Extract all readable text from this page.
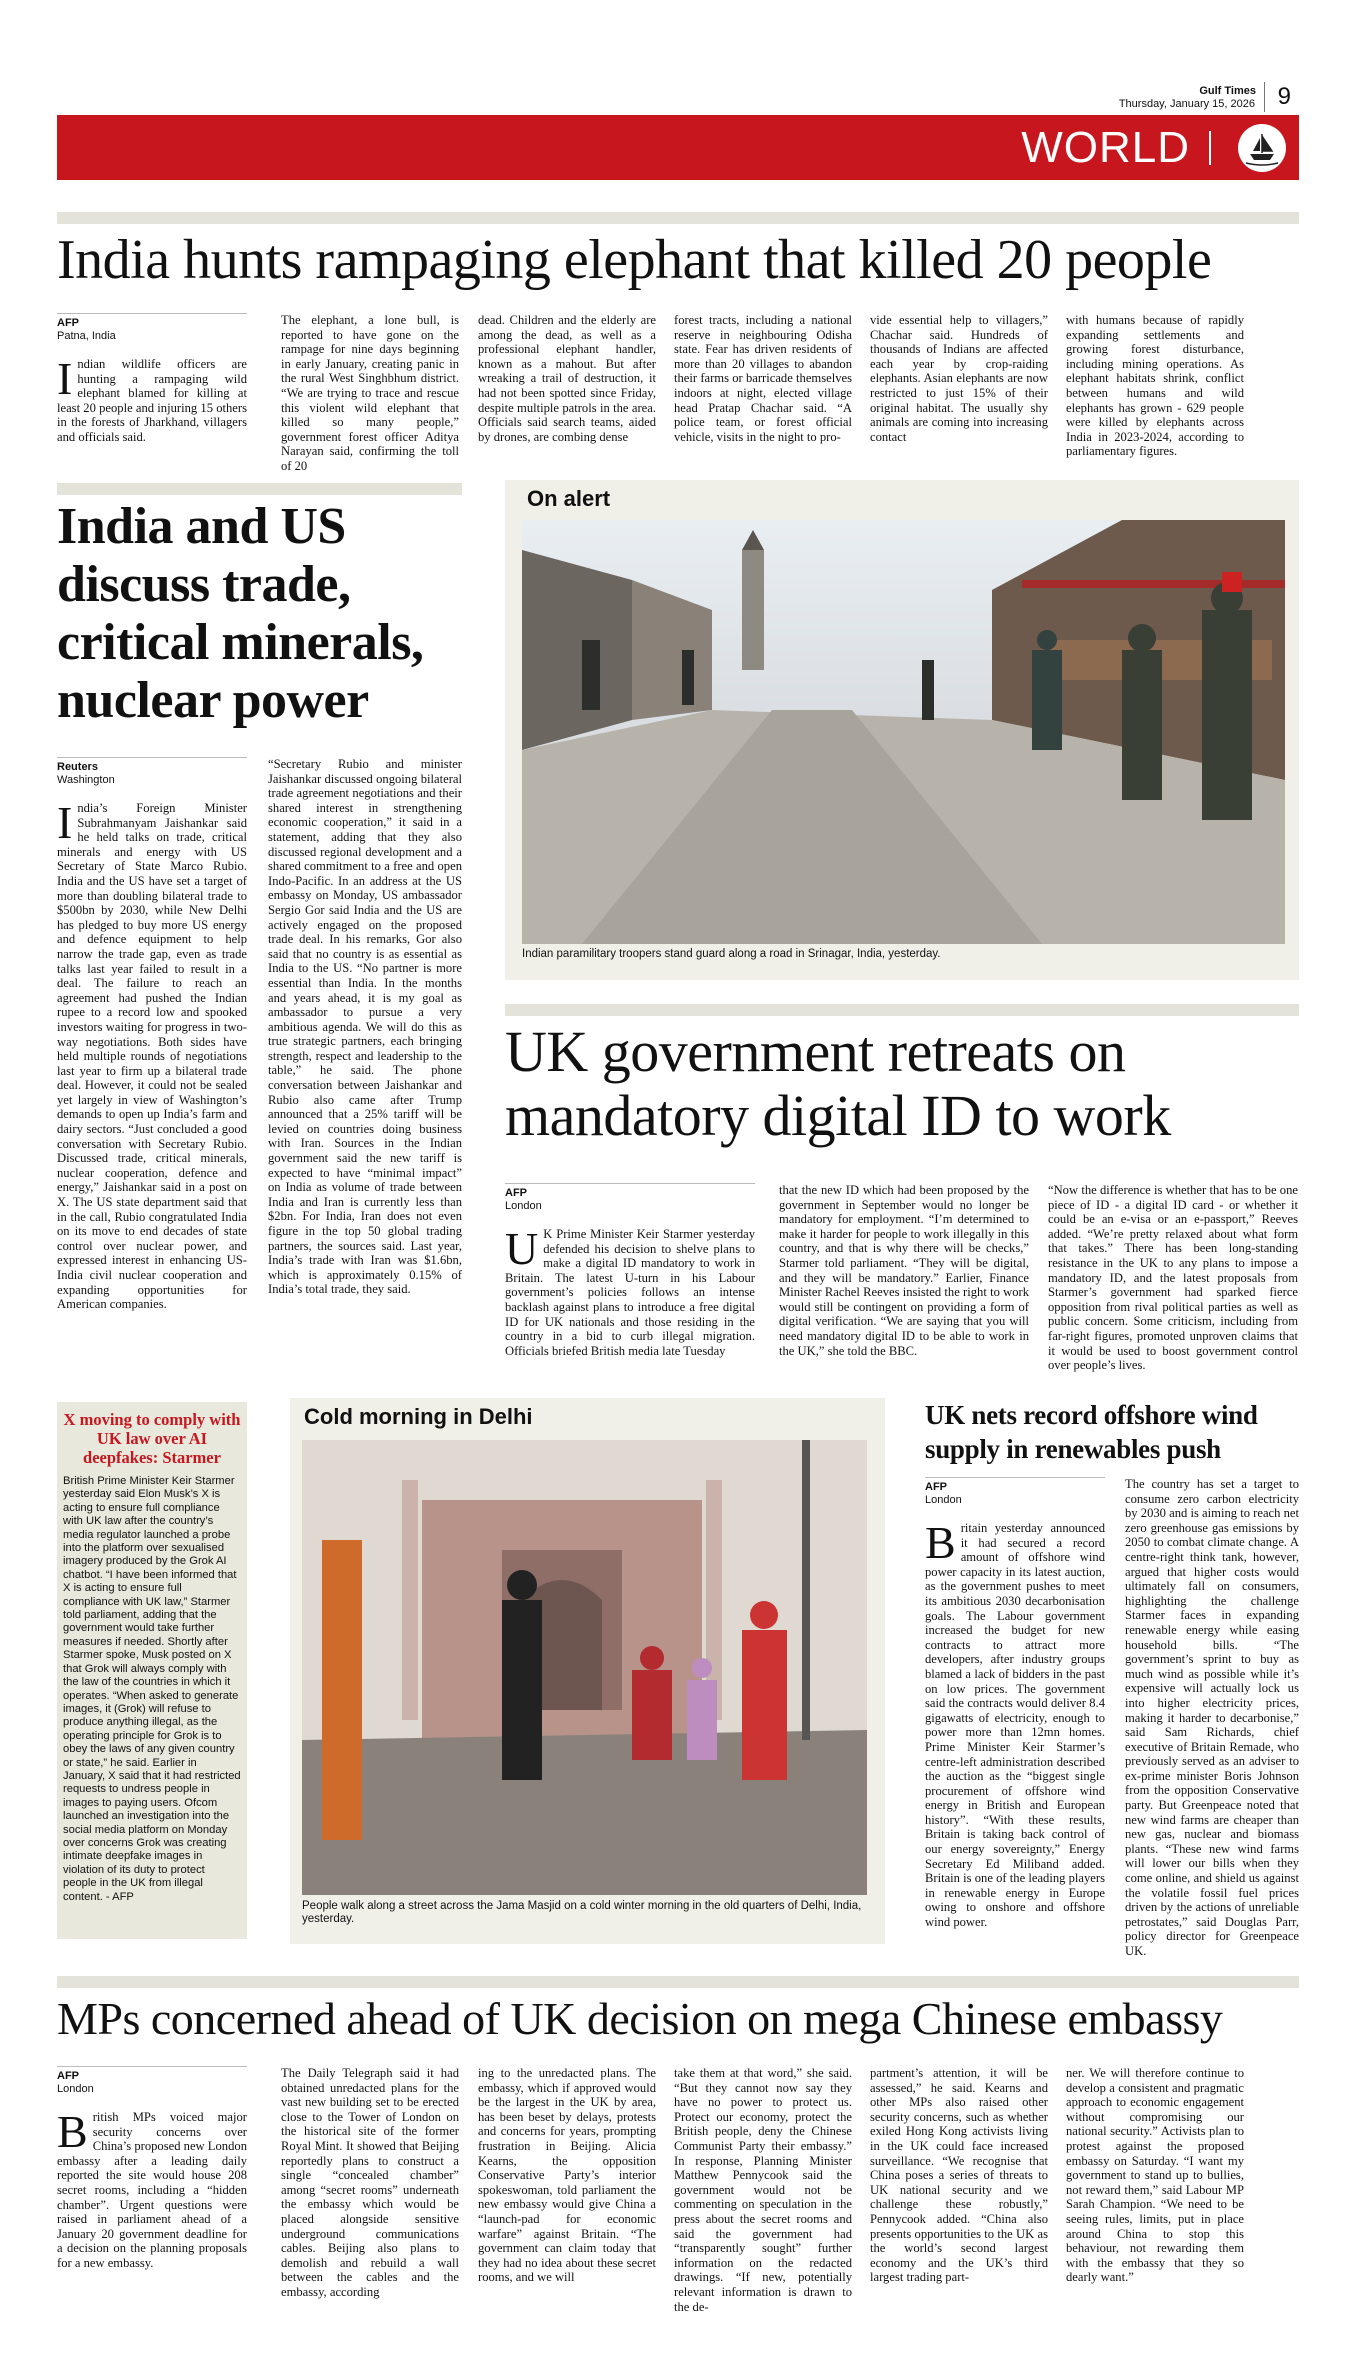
Gulf Times
Thursday, January 15, 2026 9
WORLD
India hunts rampaging elephant that killed 20 people
AFP
Patna, India

Indian wildlife officers are hunting a rampaging wild elephant blamed for killing at least 20 people and injuring 15 others in the forests of Jharkhand, villagers and officials said.

The elephant, a lone bull, is reported to have gone on the rampage for nine days beginning in early January, creating panic in the rural West Singhbhum district. “We are trying to trace and rescue this violent wild elephant that killed so many people,” government forest officer Aditya Narayan said, confirming the toll of 20

dead. Children and the elderly are among the dead, as well as a professional elephant handler, known as a mahout. But after wreaking a trail of destruction, it had not been spotted since Friday, despite multiple patrols in the area. Officials said search teams, aided by drones, are combing dense

forest tracts, including a national reserve in neighbouring Odisha state. Fear has driven residents of more than 20 villages to abandon their farms or barricade themselves indoors at night, elected village head Pratap Chachar said. “A police team, or forest official vehicle, visits in the night to pro-

vide essential help to villagers,” Chachar said. Hundreds of thousands of Indians are affected each year by crop-raiding elephants. Asian elephants are now restricted to just 15% of their original habitat. The usually shy animals are coming into increasing contact

with humans because of rapidly expanding settlements and growing forest disturbance, including mining operations. As elephant habitats shrink, conflict between humans and wild elephants has grown - 629 people were killed by elephants across India in 2023-2024, according to parliamentary figures.

India and US discuss trade, critical minerals, nuclear power
Reuters
Washington

India’s Foreign Minister Subrahmanyam Jaishankar said he held talks on trade, critical minerals and energy with US Secretary of State Marco Rubio. India and the US have set a target of more than doubling bilateral trade to $500bn by 2030, while New Delhi has pledged to buy more US energy and defence equipment to help narrow the trade gap, even as trade talks last year failed to result in a deal. The failure to reach an agreement had pushed the Indian rupee to a record low and spooked investors waiting for progress in two-way negotiations. Both sides have held multiple rounds of negotiations last year to firm up a bilateral trade deal. However, it could not be sealed yet largely in view of Washington’s demands to open up India’s farm and dairy sectors. “Just concluded a good conversation with Secretary Rubio. Discussed trade, critical minerals, nuclear cooperation, defence and energy,” Jaishankar said in a post on X. The US state department said that in the call, Rubio congratulated India on its move to end decades of state control over nuclear power, and expressed interest in enhancing US-India civil nuclear cooperation and expanding opportunities for American companies.

“Secretary Rubio and minister Jaishankar discussed ongoing bilateral trade agreement negotiations and their shared interest in strengthening economic cooperation,” it said in a statement, adding that they also discussed regional development and a shared commitment to a free and open Indo-Pacific. In an address at the US embassy on Monday, US ambassador Sergio Gor said India and the US are actively engaged on the proposed trade deal. In his remarks, Gor also said that no country is as essential as India to the US. “No partner is more essential than India. In the months and years ahead, it is my goal as ambassador to pursue a very ambitious agenda. We will do this as true strategic partners, each bringing strength, respect and leadership to the table,” he said. The phone conversation between Jaishankar and Rubio also came after Trump announced that a 25% tariff will be levied on countries doing business with Iran. Sources in the Indian government said the new tariff is expected to have “minimal impact” on India as volume of trade between India and Iran is currently less than $2bn. For India, Iran does not even figure in the top 50 global trading partners, the sources said. Last year, India’s trade with Iran was $1.6bn, which is approximately 0.15% of India’s total trade, they said.

On alert
Indian paramilitary troopers stand guard along a road in Srinagar, India, yesterday.
UK government retreats on mandatory digital ID to work
AFP
London

U K Prime Minister Keir Starmer yesterday defended his decision to shelve plans to make a digital ID mandatory to work in Britain. The latest U-turn in his Labour government’s policies follows an intense backlash against plans to introduce a free digital ID for UK nationals and those residing in the country in a bid to curb illegal migration. Officials briefed British media late Tuesday

that the new ID which had been proposed by the government in September would no longer be mandatory for employment. “I’m determined to make it harder for people to work illegally in this country, and that is why there will be checks,” Starmer told parliament. “They will be digital, and they will be mandatory.” Earlier, Finance Minister Rachel Reeves insisted the right to work would still be contingent on providing a form of digital verification. “We are saying that you will need mandatory digital ID to be able to work in the UK,” she told the BBC.

“Now the difference is whether that has to be one piece of ID - a digital ID card - or whether it could be an e-visa or an e-passport,” Reeves added. “We’re pretty relaxed about what form that takes.” There has been long-standing resistance in the UK to any plans to impose a mandatory ID, and the latest proposals from Starmer’s government had sparked fierce opposition from rival political parties as well as public concern. Some criticism, including from far-right figures, promoted unproven claims that it would be used to boost government control over people’s lives.

X moving to comply with UK law over AI deepfakes: Starmer

British Prime Minister Keir Starmer yesterday said Elon Musk’s X is acting to ensure full compliance with UK law after the country’s media regulator launched a probe into the platform over sexualised imagery produced by the Grok AI chatbot. “I have been informed that X is acting to ensure full compliance with UK law,” Starmer told parliament, adding that the government would take further measures if needed. Shortly after Starmer spoke, Musk posted on X that Grok will always comply with the law of the countries in which it operates. “When asked to generate images, it (Grok) will refuse to produce anything illegal, as the operating principle for Grok is to obey the laws of any given country or state,” he said. Earlier in January, X said that it had restricted requests to undress people in images to paying users. Ofcom launched an investigation into the social media platform on Monday over concerns Grok was creating intimate deepfake images in violation of its duty to protect people in the UK from illegal content. - AFP

Cold morning in Delhi
People walk along a street across the Jama Masjid on a cold winter morning in the old quarters of Delhi, India, yesterday.
UK nets record offshore wind supply in renewables push
AFP
London

Britain yesterday announced it had secured a record amount of offshore wind power capacity in its latest auction, as the government pushes to meet its ambitious 2030 decarbonisation goals. The Labour government increased the budget for new contracts to attract more developers, after industry groups blamed a lack of bidders in the past on low prices. The government said the contracts would deliver 8.4 gigawatts of electricity, enough to power more than 12mn homes. Prime Minister Keir Starmer’s centre-left administration described the auction as the “biggest single procurement of offshore wind energy in British and European history”. “With these results, Britain is taking back control of our energy sovereignty,” Energy Secretary Ed Miliband added. Britain is one of the leading players in renewable energy in Europe owing to onshore and offshore wind power.

The country has set a target to consume zero carbon electricity by 2030 and is aiming to reach net zero greenhouse gas emissions by 2050 to combat climate change. A centre-right think tank, however, argued that higher costs would ultimately fall on consumers, highlighting the challenge Starmer faces in expanding renewable energy while easing household bills. “The government’s sprint to buy as much wind as possible while it’s expensive will actually lock us into higher electricity prices, making it harder to decarbonise,” said Sam Richards, chief executive of Britain Remade, who previously served as an adviser to ex-prime minister Boris Johnson from the opposition Conservative party. But Greenpeace noted that new wind farms are cheaper than new gas, nuclear and biomass plants. “These new wind farms will lower our bills when they come online, and shield us against the volatile fossil fuel prices driven by the actions of unreliable petrostates,” said Douglas Parr, policy director for Greenpeace UK.

MPs concerned ahead of UK decision on mega Chinese embassy
AFP
London

British MPs voiced major security concerns over China’s proposed new London embassy after a leading daily reported the site would house 208 secret rooms, including a “hidden chamber”. Urgent questions were raised in parliament ahead of a January 20 government deadline for a decision on the planning proposals for a new embassy.

The Daily Telegraph said it had obtained unredacted plans for the vast new building set to be erected close to the Tower of London on the historical site of the former Royal Mint. It showed that Beijing reportedly plans to construct a single “concealed chamber” among “secret rooms” underneath the embassy which would be placed alongside sensitive underground communications cables. Beijing also plans to demolish and rebuild a wall between the cables and the embassy, according

ing to the unredacted plans. The embassy, which if approved would be the largest in the UK by area, has been beset by delays, protests and concerns for years, prompting frustration in Beijing. Alicia Kearns, the opposition Conservative Party’s interior spokeswoman, told parliament the new embassy would give China a “launch-pad for economic warfare” against Britain. “The government can claim today that they had no idea about these secret rooms, and we will

take them at that word,” she said. “But they cannot now say they have no power to protect us. Protect our economy, protect the British people, deny the Chinese Communist Party their embassy.” In response, Planning Minister Matthew Pennycook said the government would not be commenting on speculation in the press about the secret rooms and said the government had “transparently sought” further information on the redacted drawings. “If new, potentially relevant information is drawn to the de-

partment’s attention, it will be assessed,” he said. Kearns and other MPs also raised other security concerns, such as whether exiled Hong Kong activists living in the UK could face increased surveillance. “We recognise that China poses a series of threats to UK national security and we challenge these robustly,” Pennycook added. “China also presents opportunities to the UK as the world’s second largest economy and the UK’s third largest trading part-

ner. We will therefore continue to develop a consistent and pragmatic approach to economic engagement without compromising our national security.” Activists plan to protest against the proposed embassy on Saturday. “I want my government to stand up to bullies, not reward them,” said Labour MP Sarah Champion. “We need to be seeing rules, limits, put in place around China to stop this behaviour, not rewarding them with the embassy that they so dearly want.”
